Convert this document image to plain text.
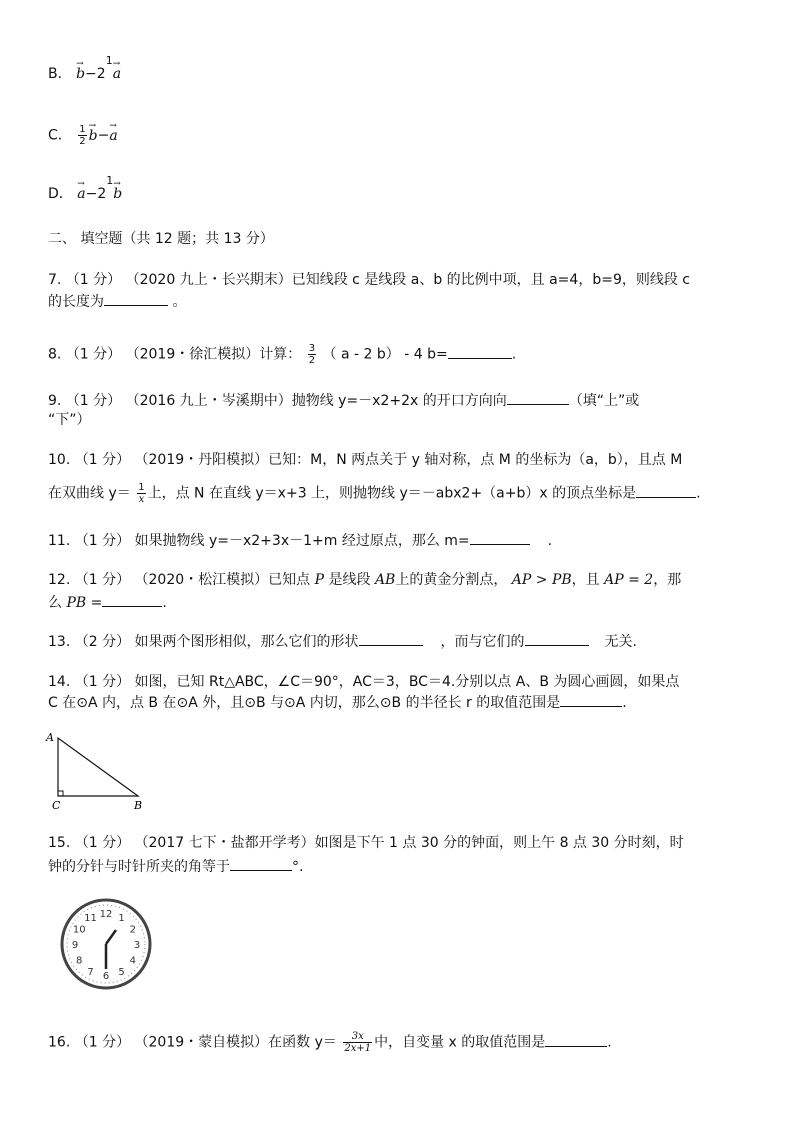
B． → $b-2^1\to a$
C． $\frac{1}{2}$
→ b−→ a
D． → $a-2^1\to b$
二、 填空题（共 12 题；共 13 分）
7. （1 分） （2020 九上・长兴期末）已知线段 c 是线段 a、b 的比例中项，且 a=4，b=9，则线段 c
的长度为	。
8. （1 分） （2019・徐汇模拟）计算： $\frac{3}{2}$ （ a - 2 b） - 4 b=	.
9. （1 分） （2016 九上・岑溪期中）抛物线 y=－x2+2x 的开口方向向	（填“上”或
“下”）
10. （1 分） （2019・丹阳模拟）已知：M，N 两点关于 y 轴对称，点 M 的坐标为（a，b），且点 M
在双曲线 $y= \frac{1}{x}$ 上，点 N 在直线 y＝x+3 上，则抛物线 y＝－abx2+（a+b）x 的顶点坐标是	.
11. （1 分） 如果抛物线 y=－x2+3x－1+m 经过原点，那么 m=	.
12. （1 分） （2020・松江模拟）已知点 P 是线段 AB上的黄金分割点， AP > PB，且 AP = 2，那
么 PB =	.
13. （2 分） 如果两个图形相似，那么它们的形状	，而与它们的	无关.
14. （1 分） 如图，已知 Rt△ABC，∠C＝90°，AC＝3，BC＝4.分别以点 A、B 为圆心画圆，如果点
C 在⊙A 内，点 B 在⊙A 外，且⊙B 与⊙A 内切，那么⊙B 的半径长 r 的取值范围是	.
A
C	B
15. （1 分） （2017 七下・盐都开学考）如图是下午 1 点 30 分的钟面，则上午 8 点 30 分时刻，时
钟的分针与时针所夹的角等于	°.
12 1
2
3
4
5
6
7
8
9
10
11
16. （1 分） （2019・蒙自模拟）在函数 $y= \frac{3x}{2x+1}$ 中，自变量 x 的取值范围是	.
